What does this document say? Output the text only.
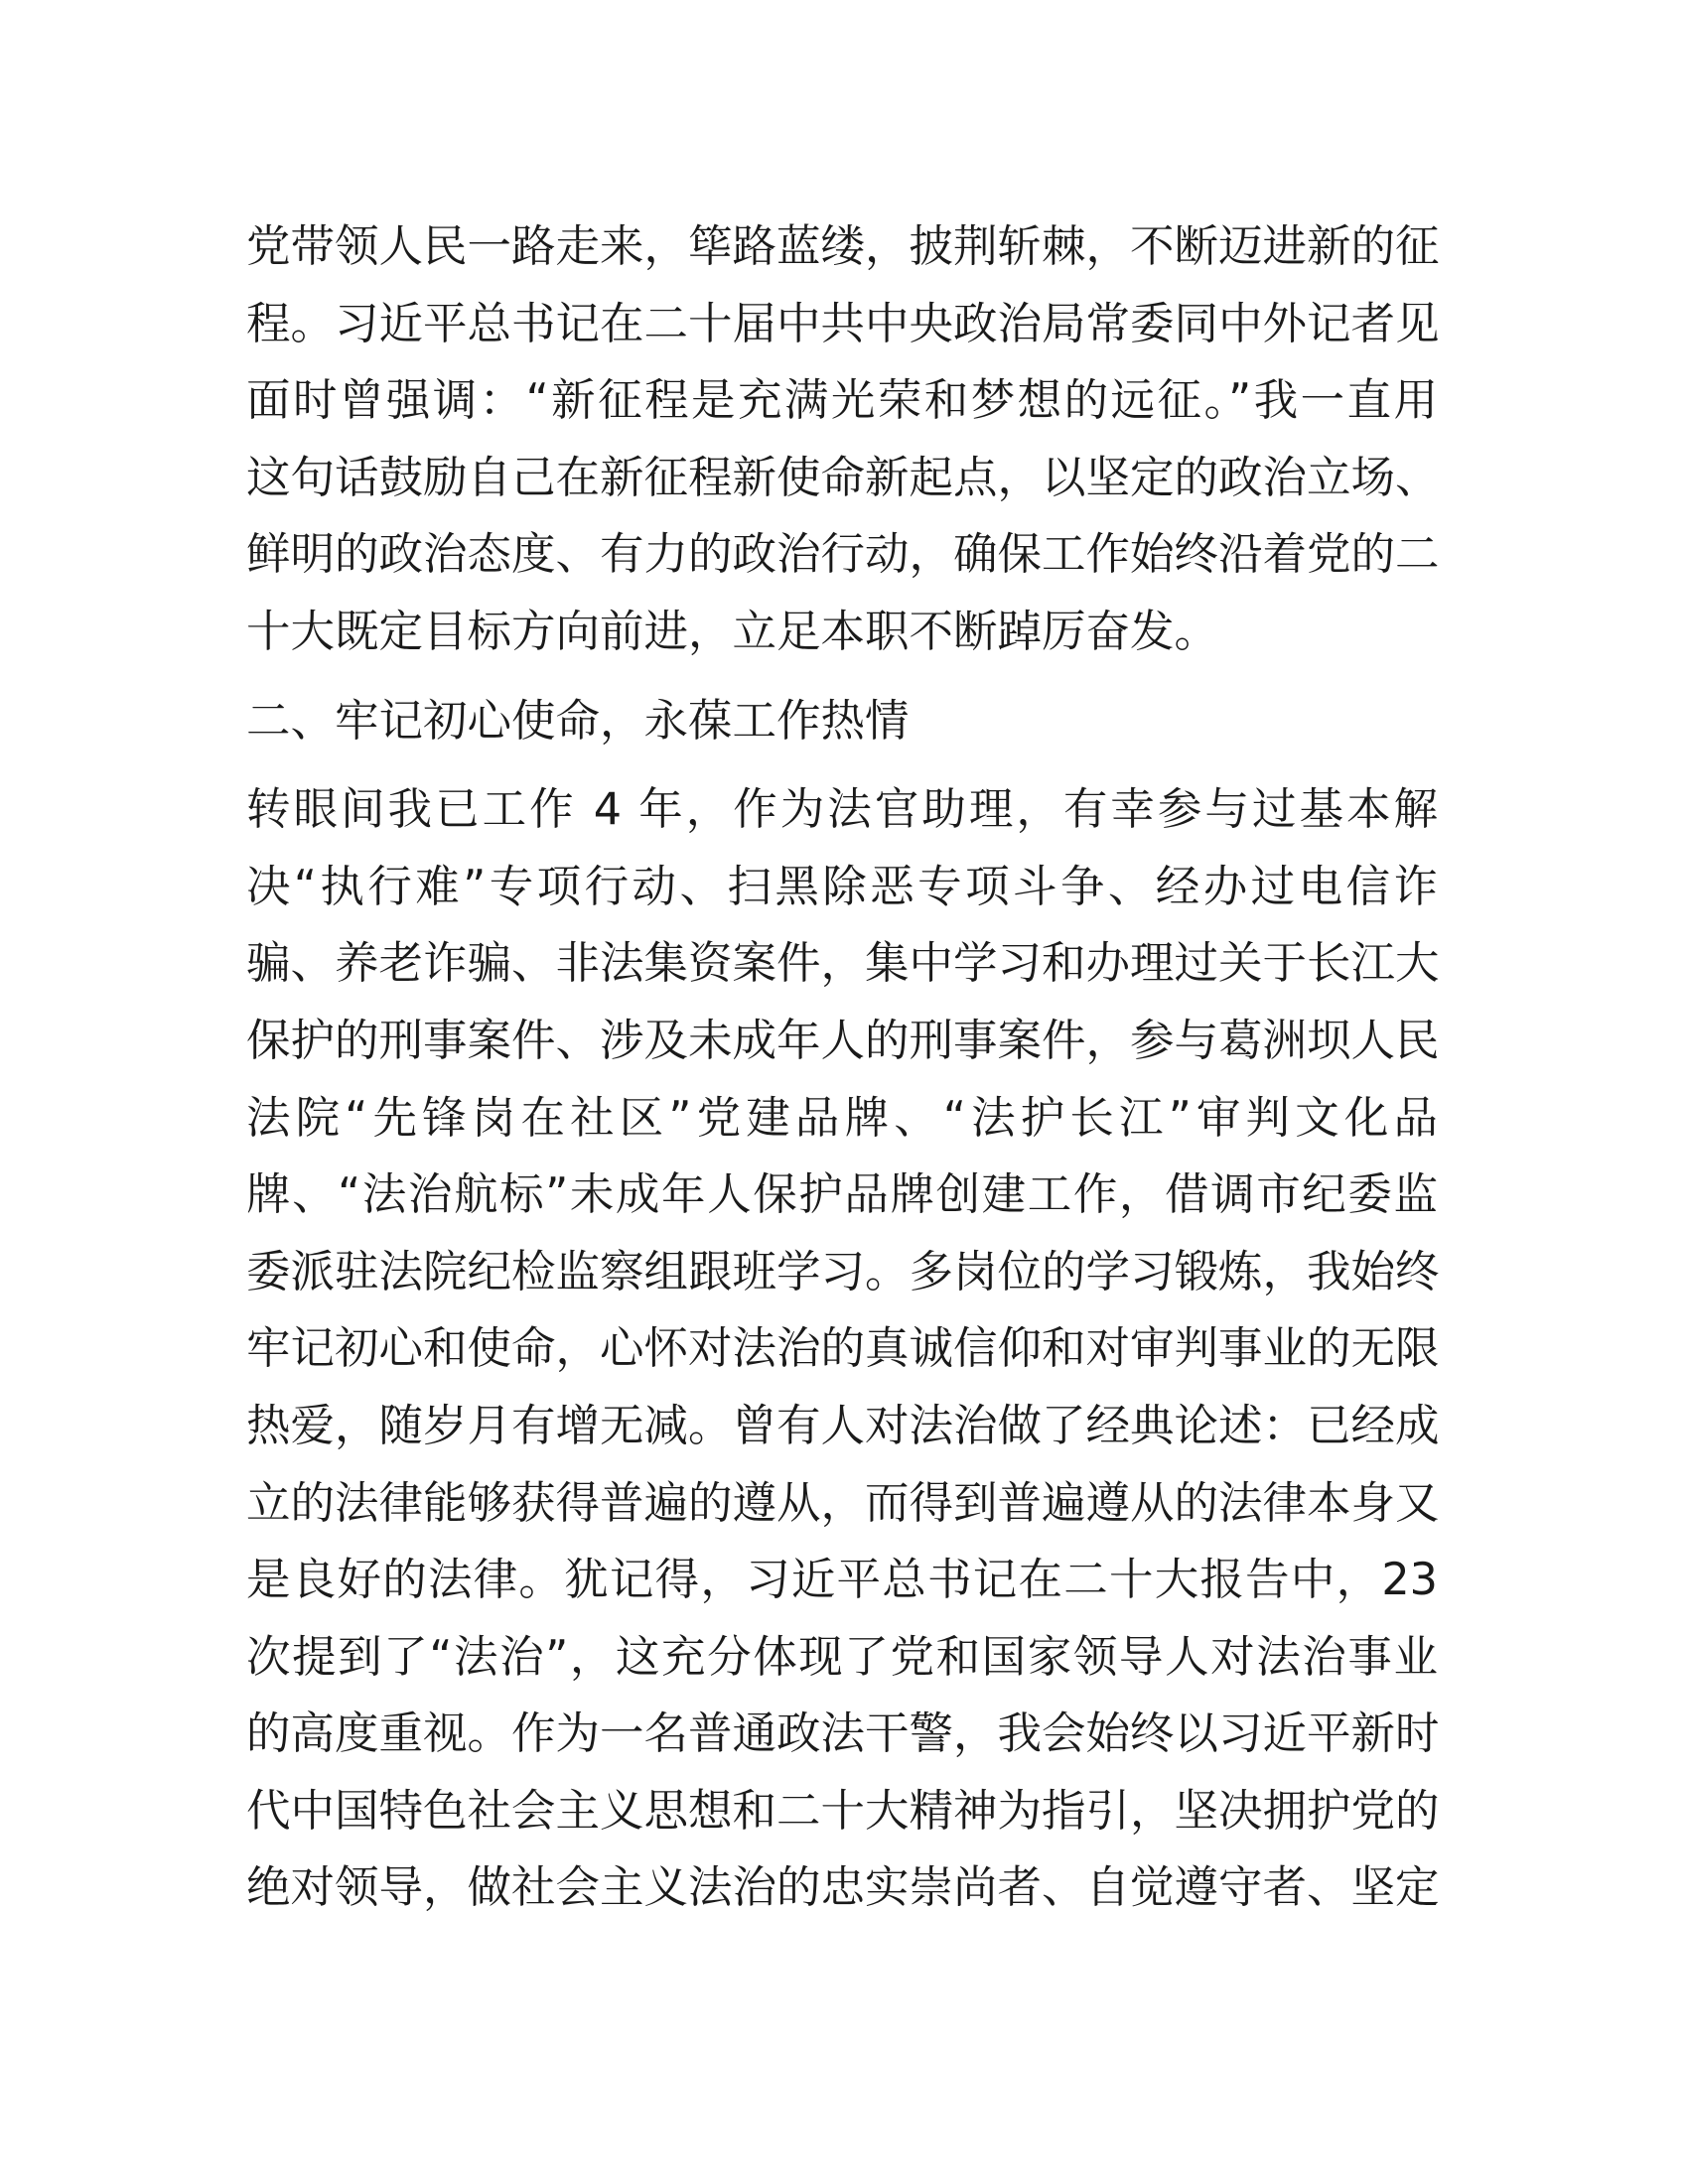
党带领人民一路走来，筚路蓝缕，披荆斩棘，不断迈进新的征
程。习近平总书记在二十届中共中央政治局常委同中外记者见
面时曾强调：“新征程是充满光荣和梦想的远征。”我一直用
这句话鼓励自己在新征程新使命新起点，以坚定的政治立场、
鲜明的政治态度、有力的政治行动，确保工作始终沿着党的二
十大既定目标方向前进，立足本职不断踔厉奋发。
二、牢记初心使命，永葆工作热情
转眼间我已工作 4 年，作为法官助理，有幸参与过基本解
决“执行难”专项行动、扫黑除恶专项斗争、经办过电信诈
骗、养老诈骗、非法集资案件，集中学习和办理过关于长江大
保护的刑事案件、涉及未成年人的刑事案件，参与葛洲坝人民
法院“先锋岗在社区”党建品牌、“法护长江”审判文化品
牌、“法治航标”未成年人保护品牌创建工作，借调市纪委监
委派驻法院纪检监察组跟班学习。多岗位的学习锻炼，我始终
牢记初心和使命，心怀对法治的真诚信仰和对审判事业的无限
热爱，随岁月有增无减。曾有人对法治做了经典论述：已经成
立的法律能够获得普遍的遵从，而得到普遍遵从的法律本身又
是良好的法律。犹记得，习近平总书记在二十大报告中，23
次提到了“法治”，这充分体现了党和国家领导人对法治事业
的高度重视。作为一名普通政法干警，我会始终以习近平新时
代中国特色社会主义思想和二十大精神为指引，坚决拥护党的
绝对领导，做社会主义法治的忠实崇尚者、自觉遵守者、坚定
